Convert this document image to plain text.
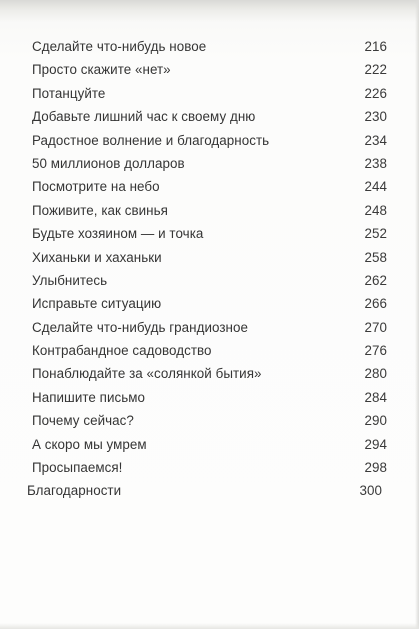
Сделайте что-нибудь новое	216
Просто скажите «нет»	222
Потанцуйте	226
Добавьте лишний час к своему дню	230
Радостное волнение и благодарность	234
50 миллионов долларов	238
Посмотрите на небо	244
Поживите, как свинья	248
Будьте хозяином — и точка	252
Хиханьки и хаханьки	258
Улыбнитесь	262
Исправьте ситуацию	266
Сделайте что-нибудь грандиозное	270
Контрабандное садоводство	276
Понаблюдайте за «солянкой бытия»	280
Напишите письмо	284
Почему сейчас?	290
А скоро мы умрем	294
Просыпаемся!	298
Благодарности	300
